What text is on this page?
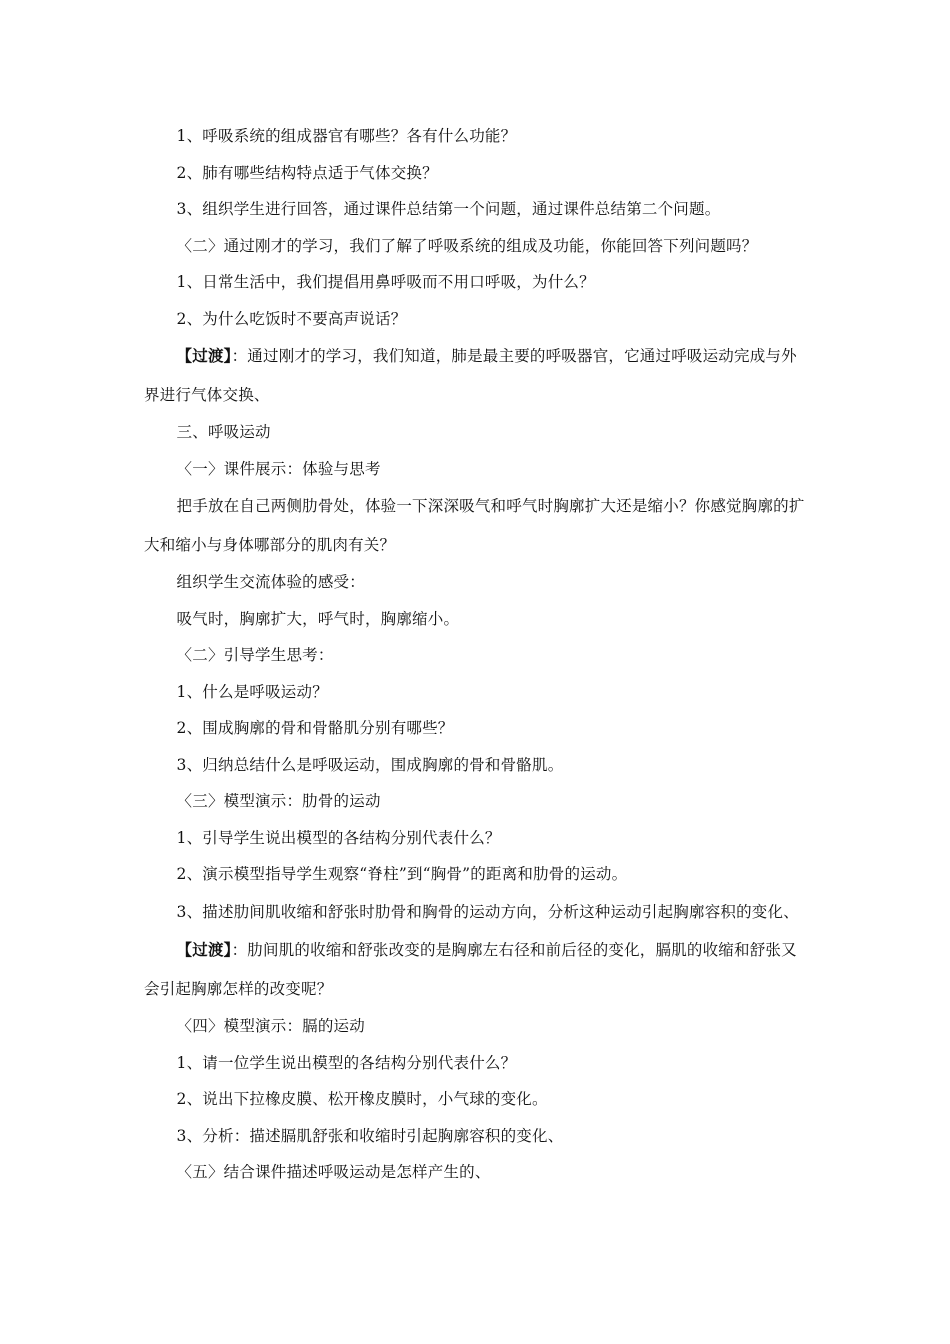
1、呼吸系统的组成器官有哪些？各有什么功能？

2、肺有哪些结构特点适于气体交换？

3、组织学生进行回答，通过课件总结第一个问题，通过课件总结第二个问题。

〈二〉通过刚才的学习，我们了解了呼吸系统的组成及功能，你能回答下列问题吗？

1、日常生活中，我们提倡用鼻呼吸而不用口呼吸，为什么？

2、为什么吃饭时不要高声说话？

【过渡】：通过刚才的学习，我们知道，肺是最主要的呼吸器官，它通过呼吸运动完成与外界进行气体交换、

三、呼吸运动

〈一〉课件展示：体验与思考

把手放在自己两侧肋骨处，体验一下深深吸气和呼气时胸廓扩大还是缩小？你感觉胸廓的扩大和缩小与身体哪部分的肌肉有关？

组织学生交流体验的感受：

吸气时，胸廓扩大，呼气时，胸廓缩小。

〈二〉引导学生思考：

1、什么是呼吸运动？

2、围成胸廓的骨和骨骼肌分别有哪些？

3、归纳总结什么是呼吸运动，围成胸廓的骨和骨骼肌。

〈三〉模型演示：肋骨的运动

1、引导学生说出模型的各结构分别代表什么？

2、演示模型指导学生观察“脊柱”到“胸骨”的距离和肋骨的运动。

3、描述肋间肌收缩和舒张时肋骨和胸骨的运动方向，分析这种运动引起胸廓容积的变化、

【过渡】：肋间肌的收缩和舒张改变的是胸廓左右径和前后径的变化，膈肌的收缩和舒张又会引起胸廓怎样的改变呢？

〈四〉模型演示：膈的运动

1、请一位学生说出模型的各结构分别代表什么？

2、说出下拉橡皮膜、松开橡皮膜时，小气球的变化。

3、分析：描述膈肌舒张和收缩时引起胸廓容积的变化、

〈五〉结合课件描述呼吸运动是怎样产生的、
